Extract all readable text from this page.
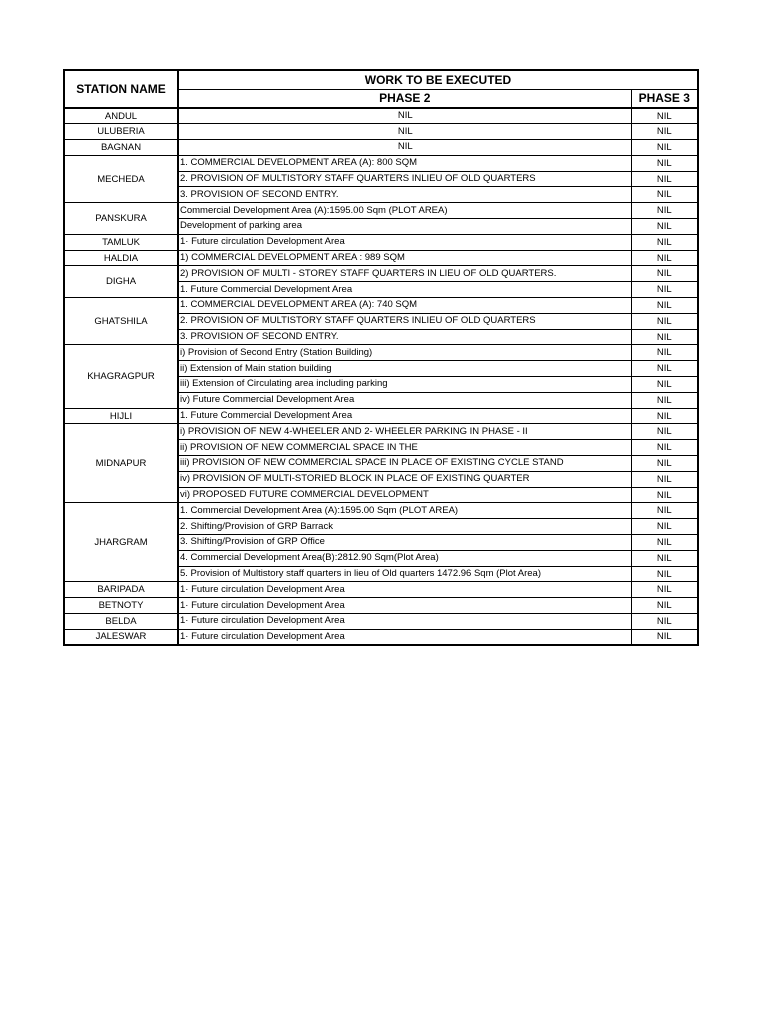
STATION NAME	WORK TO BE EXECUTED	
	PHASE 2	PHASE 3
ANDUL	NIL	NIL
ULUBERIA	NIL	NIL
BAGNAN	NIL	NIL
MECHEDA	1. COMMERCIAL DEVELOPMENT AREA (A): 800 SQM	NIL
	2. PROVISION OF MULTISTORY STAFF QUARTERS INLIEU OF OLD QUARTERS	NIL
	3. PROVISION OF SECOND ENTRY.	NIL
PANSKURA	Commercial Development Area (A):1595.00 Sqm (PLOT AREA)	NIL
	Development of parking area	NIL
TAMLUK	1· Future circulation Development Area	NIL
HALDIA	1) COMMERCIAL DEVELOPMENT AREA : 989 SQM	NIL
DIGHA	2) PROVISION OF MULTI - STOREY STAFF QUARTERS IN LIEU OF OLD QUARTERS.	NIL
	1. Future Commercial Development Area	NIL
GHATSHILA	1. COMMERCIAL DEVELOPMENT AREA (A): 740 SQM	NIL
	2. PROVISION OF MULTISTORY STAFF QUARTERS INLIEU OF OLD QUARTERS	NIL
	3. PROVISION OF SECOND ENTRY.	NIL
KHAGRAGPUR	i) Provision of Second Entry (Station Building)	NIL
	ii) Extension of Main station building	NIL
	iii) Extension of Circulating area including parking	NIL
	iv) Future Commercial Development Area	NIL
HIJLI	1. Future Commercial Development Area	NIL
MIDNAPUR	i) PROVISION OF NEW 4-WHEELER AND 2- WHEELER PARKING IN PHASE - II	NIL
	ii) PROVISION OF NEW COMMERCIAL SPACE IN THE	NIL
	iii) PROVISION OF NEW COMMERCIAL SPACE IN PLACE OF EXISTING CYCLE STAND	NIL
	iv) PROVISION OF MULTI-STORIED BLOCK IN PLACE OF EXISTING QUARTER	NIL
	vi) PROPOSED FUTURE COMMERCIAL DEVELOPMENT	NIL
JHARGRAM	1. Commercial Development Area (A):1595.00 Sqm (PLOT AREA)	NIL
	2. Shifting/Provision of GRP Barrack	NIL
	3. Shifting/Provision of GRP Office	NIL
	4. Commercial Development Area(B):2812.90 Sqm(Plot Area)	NIL
	5. Provision of Multistory staff quarters in lieu of Old quarters 1472.96 Sqm (Plot Area)	NIL
BARIPADA	1· Future circulation Development Area	NIL
BETNOTY	1· Future circulation Development Area	NIL
BELDA	1· Future circulation Development Area	NIL
JALESWAR	1· Future circulation Development Area	NIL
